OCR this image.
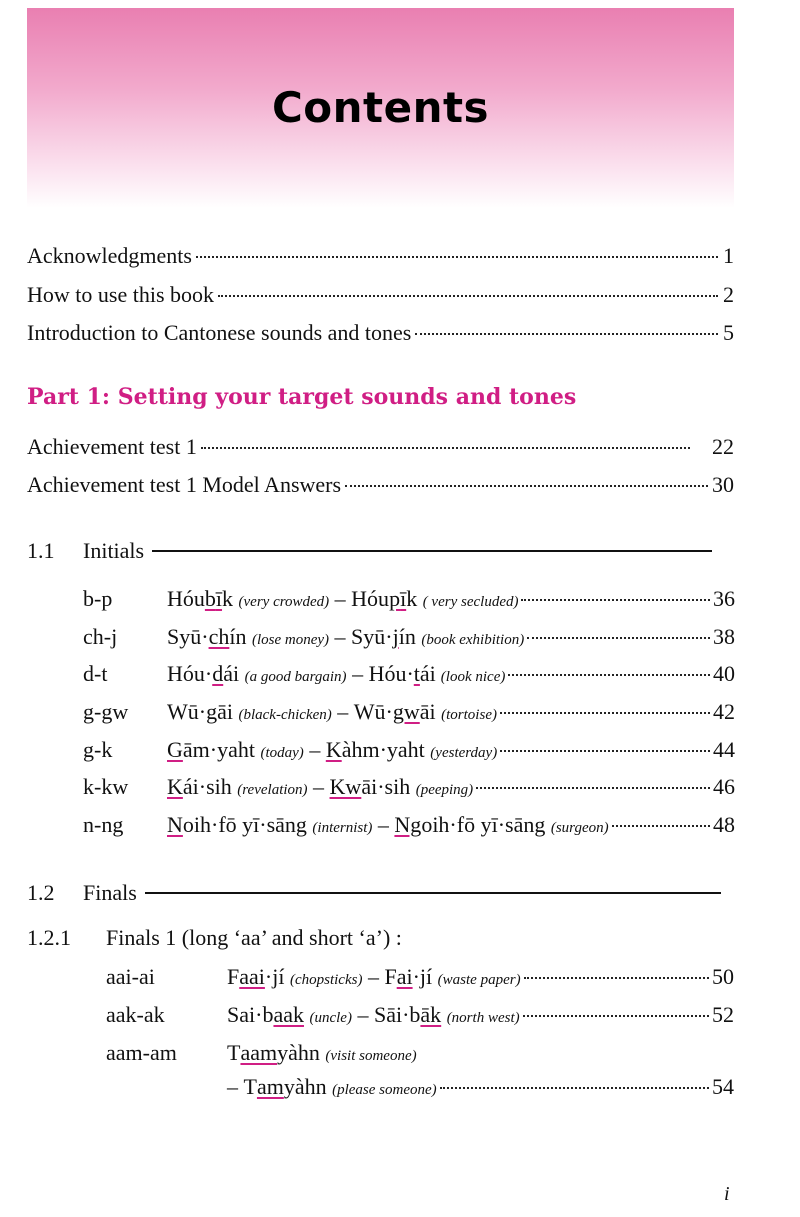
Contents
Acknowledgments	1
How to use this book	2
Introduction to Cantonese sounds and tones	5
Part 1: Setting your target sounds and tones
Achievement test 1	22
Achievement test 1 Model Answers	30
1.1	Initials
b-p	Hóu b ī k
(very crowded)
–
Hóu p ī k
( very secluded)	36
ch-j	Syū· ch ín
(lose money)
–
Syū· j ín
(book exhibition)	38
d-t	Hóu· d ái
(a good bargain)
–
Hóu· t ái (look nice)	40
g-gw	Wū· g āi
(black-chicken)
–
Wū· gw āi
(tortoise)	42
g-k	G ām·yaht
(today)
–
K àhm·yaht
(yesterday)	44
k-kw	K ái·sih
(revelation)
–
Kw āi·sih
(peeping)	46
n-ng	N oih·fō yī·sāng
(internist)
–
Ng oih·fō yī·sāng
(surgeon)	48
1.2	Finals
1.2.1	Finals 1 (long ‘aa’ and short ‘a’) :
aai-ai	F aai ·jí
(chopsticks)
–
F ai ·jí
(waste paper)	50
aak-ak	Sai·b aak
(uncle)
–
Sāi·b āk
(north west)	52
aam-am	T aam yàhn
(visit someone)
–
T am yàhn
(please someone)	54
i
